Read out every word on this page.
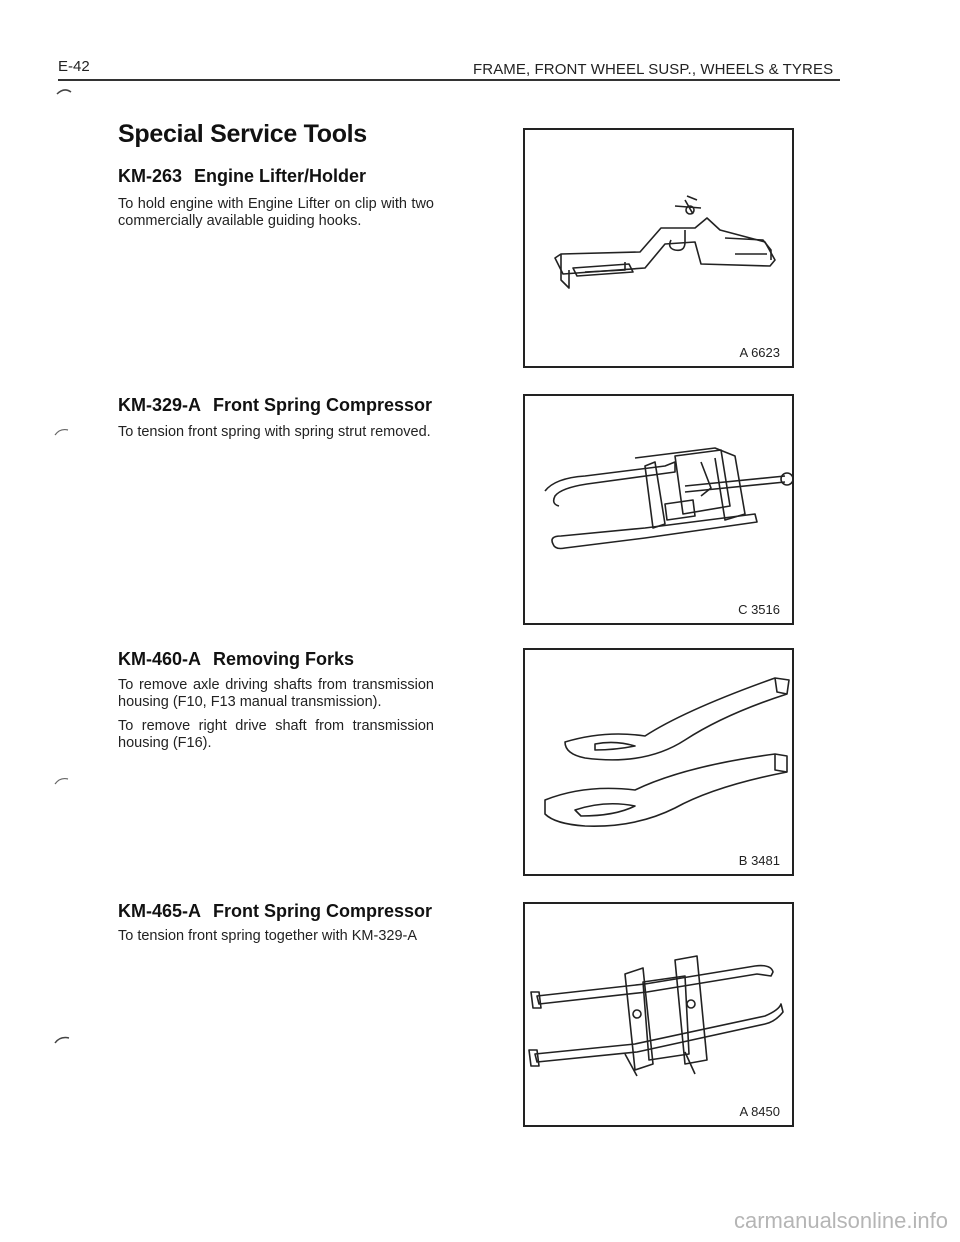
E-42	FRAME, FRONT WHEEL SUSP., WHEELS & TYRES
Special Service Tools
KM-263 Engine Lifter/Holder

To hold engine with Engine Lifter on clip with two commercially available guiding hooks.

A 6623
KM-329-A Front Spring Compressor

To tension front spring with spring strut removed.

C 3516
KM-460-A Removing Forks

To remove axle driving shafts from transmission housing (F10, F13 manual transmission).

To remove right drive shaft from transmission housing (F16).

B 3481
KM-465-A Front Spring Compressor

To tension front spring together with KM-329-A

A 8450
carmanualsonline.info
